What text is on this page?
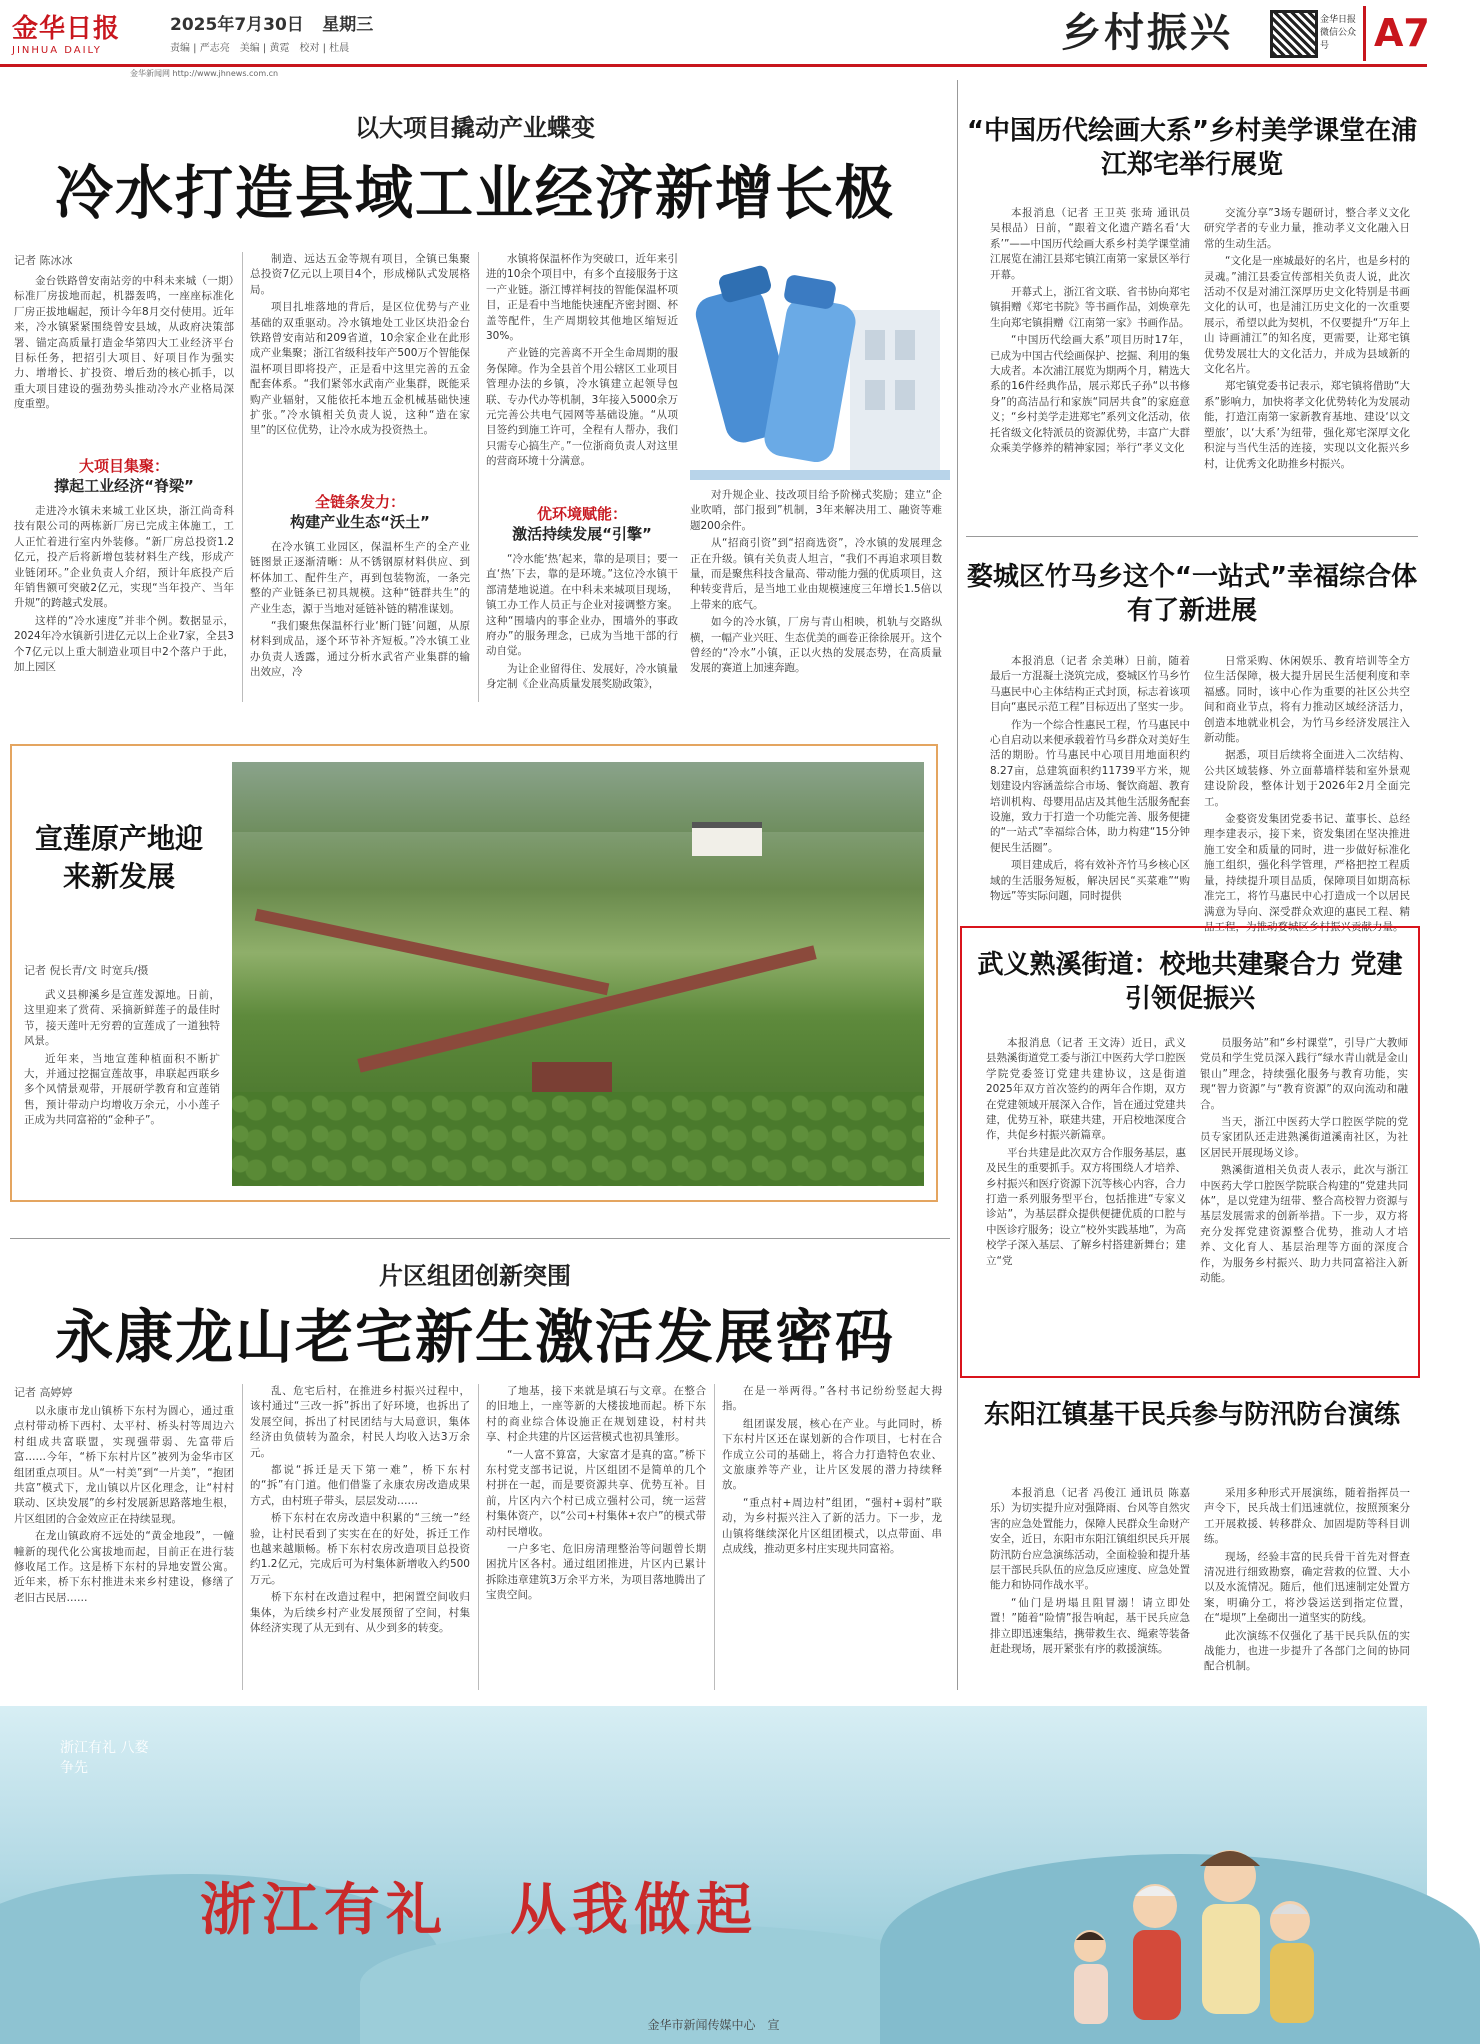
金华日报
JINHUA DAILY
2025年7月30日 星期三
责编 | 严志亮　美编 | 黄霓　校对 | 杜晨
金华新闻网 http://www.jhnews.com.cn
乡村振兴	金华日报微信公众号	A7
以大项目撬动产业蝶变
冷水打造县域工业经济新增长极
记者 陈冰冰

金台铁路曾安南站旁的中科未来城（一期）标准厂房拔地而起，机器轰鸣，一座座标准化厂房正拔地崛起，预计今年8月交付使用。近年来，冷水镇紧紧围绕曾安县域，从政府决策部署、锚定高质量打造金华第四大工业经济平台目标任务，把招引大项目、好项目作为强实力、增增长、扩投资、增后劲的核心抓手，以重大项目建设的强劲势头推动冷水产业格局深度重塑。

大项目集聚：
撑起工业经济“脊梁”

走进冷水镇未来城工业区块，浙江尚奇科技有限公司的两栋新厂房已完成主体施工，工人正忙着进行室内外装修。“新厂房总投资1.2亿元，投产后将新增包装材料生产线，形成产业链闭环。”企业负责人介绍，预计年底投产后年销售额可突破2亿元，实现“当年投产、当年升规”的跨越式发展。

这样的“冷水速度”并非个例。数据显示，2024年冷水镇新引进亿元以上企业7家，全县3个7亿元以上重大制造业项目中2个落户于此，加上园区

制造、远达五金等规有项目，全镇已集聚总投资7亿元以上项目4个，形成梯队式发展格局。

项目扎堆落地的背后，是区位优势与产业基础的双重驱动。冷水镇地处工业区块沿金台铁路曾安南站和209省道，10余家企业在此形成产业集聚；浙江省级科技年产500万个智能保温杯项目即将投产，正是看中这里完善的五金配套体系。“我们紧邻水武南产业集群，既能采购产业辐射，又能依托本地五金机械基础快速扩张。”冷水镇相关负责人说，这种“造在家里”的区位优势，让冷水成为投资热土。

全链条发力：
构建产业生态“沃土”

在冷水镇工业园区，保温杯生产的全产业链图景正逐渐清晰：从不锈钢原材料供应、到杯体加工、配件生产，再到包装物流，一条完整的产业链条已初具规模。这种“链群共生”的产业生态，源于当地对延链补链的精准谋划。

“我们聚焦保温杯行业‘断门链’问题，从原材料到成品，逐个环节补齐短板。”冷水镇工业办负责人透露，通过分析水武省产业集群的输出效应，冷

水镇将保温杯作为突破口，近年来引进的10余个项目中，有多个直接服务于这一产业链。浙江博祥柯技的智能保温杯项目，正是看中当地能快速配齐密封圈、杯盖等配件，生产周期较其他地区缩短近30%。

产业链的完善离不开全生命周期的服务保障。作为全县首个用公辖区工业项目管理办法的乡镇，冷水镇建立起领导包联、专办代办等机制，3年接入5000余万元完善公共电气园网等基础设施。“从项目签约到施工许可，全程有人帮办，我们只需专心搞生产。”一位浙商负责人对这里的营商环境十分满意。

优环境赋能：
激活持续发展“引擎”

“冷水能‘热’起来，靠的是项目；要一直‘热’下去，靠的是环境。”这位冷水镇干部清楚地说道。在中科未来城项目现场，镇工办工作人员正与企业对接调整方案。这种“围墙内的事企业办，围墙外的事政府办”的服务理念，已成为当地干部的行动自觉。

为让企业留得住、发展好，冷水镇量身定制《企业高质量发展奖励政策》，

对升规企业、技改项目给予阶梯式奖励；建立“企业吹哨，部门报到”机制，3年来解决用工、融资等难题200余件。

从“招商引资”到“招商选资”，冷水镇的发展理念正在升级。镇有关负责人坦言，“我们不再追求项目数量，而是聚焦科技含量高、带动能力强的优质项目，这种转变背后，是当地工业由规模速度三年增长1.5倍以上带来的底气。

如今的冷水镇，厂房与青山相映，机轨与交路纵横，一幅产业兴旺、生态优美的画卷正徐徐展开。这个曾经的“冷水”小镇，正以火热的发展态势，在高质量发展的赛道上加速奔跑。

“中国历代绘画大系”乡村美学课堂在浦江郑宅举行展览

本报消息（记者 王卫英 张琦 通讯员 吴根品）日前，“跟着文化遗产踏名看‘大系’”——中国历代绘画大系乡村美学课堂浦江展览在浦江县郑宅镇江南第一家景区举行开幕。

开幕式上，浙江省文联、省书协向郑宅镇捐赠《郑宅书院》等书画作品，刘焕章先生向郑宅镇捐赠《江南第一家》书画作品。

“中国历代绘画大系”项目历时17年，已成为中国古代绘画保护、挖掘、利用的集大成者。本次浦江展览为期两个月，精选大系的16件经典作品，展示郑氏子孙“以书修身”的高洁品行和家族“同居共食”的家庭意义；“乡村美学走进郑宅”系列文化活动，依托省级文化特派员的资源优势，丰富广大群众乘美学修养的精神家园；举行“孝义文化

交流分享”3场专题研讨，整合孝义文化研究学者的专业力量，推动孝义文化融入日常的生动生活。

“文化是一座城最好的名片，也是乡村的灵魂。”浦江县委宣传部相关负责人说，此次活动不仅是对浦江深厚历史文化特别是书画文化的认可，也是浦江历史文化的一次重要展示，希望以此为契机，不仅要提升“万年上山 诗画浦江”的知名度，更需要，让郑宅镇优势发展壮大的文化活力，并成为县域新的文化名片。

郑宅镇党委书记表示，郑宅镇将借助“大系”影响力，加快将孝文化优势转化为发展动能，打造江南第一家新教育基地、建设‘以文塑旅’，以‘大系’为纽带，强化郑宅深厚文化积淀与当代生活的连接，实现以文化振兴乡村，让优秀文化助推乡村振兴。

婺城区竹马乡这个“一站式”幸福综合体有了新进展

本报消息（记者 余美琳）日前，随着最后一方混凝土浇筑完成，婺城区竹马乡竹马惠民中心主体结构正式封顶，标志着该项目向“惠民示范工程”目标迈出了坚实一步。

作为一个综合性惠民工程，竹马惠民中心自启动以来便承载着竹马乡群众对美好生活的期盼。竹马惠民中心项目用地面积约8.27亩，总建筑面积约11739平方米，规划建设内容涵盖综合市场、餐饮商超、教育培训机构、母婴用品店及其他生活服务配套设施，致力于打造一个功能完善、服务便捷的“一站式”幸福综合体，助力构建“15分钟便民生活圈”。

项目建成后，将有效补齐竹马乡核心区域的生活服务短板，解决居民“买菜难”“购物远”等实际问题，同时提供

日常采购、休闲娱乐、教育培训等全方位生活保障，极大提升居民生活便利度和幸福感。同时，该中心作为重要的社区公共空间和商业节点，将有力推动区域经济活力，创造本地就业机会，为竹马乡经济发展注入新动能。

据悉，项目后续将全面进入二次结构、公共区域装修、外立面幕墙样装和室外景观建设阶段，整体计划于2026年2月全面完工。

金婺资发集团党委书记、董事长、总经理李建表示，接下来，资发集团在坚决推进施工安全和质量的同时，进一步做好标准化施工组织，强化科学管理，严格把控工程质量，持续提升项目品质，保障项目如期高标准完工，将竹马惠民中心打造成一个以居民满意为导向、深受群众欢迎的惠民工程、精品工程，为推动婺城区乡村振兴贡献力量。

宣莲原产地迎来新发展
记者 倪长青/文 时宽兵/摄

武义县柳溪乡是宣莲发源地。日前，这里迎来了赏荷、采摘新鲜莲子的最佳时节，接天莲叶无穷碧的宣莲成了一道独特风景。

近年来，当地宣莲种植面积不断扩大，并通过挖掘宣莲故事，串联起西联乡多个风情景观带，开展研学教育和宣莲销售，预计带动户均增收万余元，小小莲子正成为共同富裕的“金种子”。

武义熟溪街道：校地共建聚合力 党建引领促振兴

本报消息（记者 王文涛）近日，武义县熟溪街道党工委与浙江中医药大学口腔医学院党委签订党建共建协议，这是街道2025年双方首次签约的两年合作期，双方在党建领域开展深入合作，旨在通过党建共建，优势互补，联建共建，开启校地深度合作，共促乡村振兴新篇章。

平台共建是此次双方合作服务基层，惠及民生的重要抓手。双方将围绕人才培养、乡村振兴和医疗资源下沉等核心内容，合力打造一系列服务型平台，包括推进“专家义诊站”，为基层群众提供便捷优质的口腔与中医诊疗服务；设立“校外实践基地”，为高校学子深入基层、了解乡村搭建新舞台；建立“党

员服务站”和“乡村课堂”，引导广大教师党员和学生党员深入践行“绿水青山就是金山银山”理念，持续强化服务与教育功能，实现“智力资源”与“教育资源”的双向流动和融合。

当天，浙江中医药大学口腔医学院的党员专家团队还走进熟溪街道溪南社区，为社区居民开展现场义诊。

熟溪街道相关负责人表示，此次与浙江中医药大学口腔医学院联合构建的“党建共同体”，是以党建为纽带、整合高校智力资源与基层发展需求的创新举措。下一步，双方将充分发挥党建资源整合优势，推动人才培养、文化育人、基层治理等方面的深度合作，为服务乡村振兴、助力共同富裕注入新动能。

片区组团创新突围
永康龙山老宅新生激活发展密码
记者 高婷婷

以永康市龙山镇桥下东村为圆心，通过重点村带动桥下西村、太平村、桥头村等周边六村组成共富联盟，实现强带弱、先富带后富……今年，“桥下东村片区”被列为金华市区组团重点项目。从“一村美”到“一片美”，“抱团共富”模式下，龙山镇以片区化理念，让“村村联动、区块发展”的乡村发展新思路落地生根，片区组团的合金效应正在持续显现。

在龙山镇政府不远处的“黄金地段”，一幢幢新的现代化公寓拔地而起，目前正在进行装修收尾工作。这是桥下东村的异地安置公寓。近年来，桥下东村推进未来乡村建设，修缮了老旧古民居……

乱、危宅后村，在推进乡村振兴过程中，该村通过“三改一拆”拆出了好环境，也拆出了发展空间，拆出了村民团结与大局意识，集体经济由负债转为盈余，村民人均收入达3万余元。

都说“拆迁是天下第一难”，桥下东村的“拆”有门道。他们借鉴了永康农房改造成果方式，由村班子带头，层层发动……

桥下东村在农房改造中积累的“三统一”经验，让村民看到了实实在在的好处，拆迁工作也越来越顺畅。桥下东村农房改造项目总投资约1.2亿元，完成后可为村集体新增收入约500万元。

桥下东村在改造过程中，把闲置空间收归集体，为后续乡村产业发展预留了空间，村集体经济实现了从无到有、从少到多的转变。

了地基，接下来就是填石与文章。在整合的旧地上，一座等新的大楼拔地而起。桥下东村的商业综合体设施正在规划建设，村村共享、村企共建的片区运营模式也初具雏形。

“一人富不算富，大家富才是真的富。”桥下东村党支部书记说，片区组团不是简单的几个村拼在一起，而是要资源共享、优势互补。目前，片区内六个村已成立强村公司，统一运营村集体资产，以“公司+村集体+农户”的模式带动村民增收。

一户多宅、危旧房清理整治等问题曾长期困扰片区各村。通过组团推进，片区内已累计拆除违章建筑3万余平方米，为项目落地腾出了宝贵空间。

在是一举两得。”各村书记纷纷竖起大拇指。

组团谋发展，核心在产业。与此同时，桥下东村片区还在谋划新的合作项目，七村在合作成立公司的基础上，将合力打造特色农业、文旅康养等产业，让片区发展的潜力持续释放。

“重点村+周边村”组团，“强村+弱村”联动，为乡村振兴注入了新的活力。下一步，龙山镇将继续深化片区组团模式，以点带面、串点成线，推动更多村庄实现共同富裕。

东阳江镇基干民兵参与防汛防台演练

本报消息（记者 冯俊江 通讯员 陈嘉乐）为切实提升应对强降雨、台风等自然灾害的应急处置能力，保障人民群众生命财产安全，近日，东阳市东阳江镇组织民兵开展防汛防台应急演练活动，全面检验和提升基层干部民兵队伍的应急反应速度、应急处置能力和协同作战水平。

“仙门是坍塌且阻冒溺！请立即处置！”随着“险情”报告响起，基干民兵应急排立即迅速集结，携带救生衣、绳索等装备赶赴现场，展开紧张有序的救援演练。

采用多种形式开展演练，随着指挥员一声令下，民兵战士们迅速就位，按照预案分工开展救援、转移群众、加固堤防等科目训练。

现场，经验丰富的民兵骨干首先对督查清况进行细致勘察，确定营救的位置、大小以及水流情况。随后，他们迅速制定处置方案，明确分工，将沙袋运送到指定位置，在“堤坝”上垒砌出一道坚实的防线。

此次演练不仅强化了基干民兵队伍的实战能力，也进一步提升了各部门之间的协同配合机制。

浙江有礼 八婺争先
浙江有礼　从我做起
金华市新闻传媒中心　宣
